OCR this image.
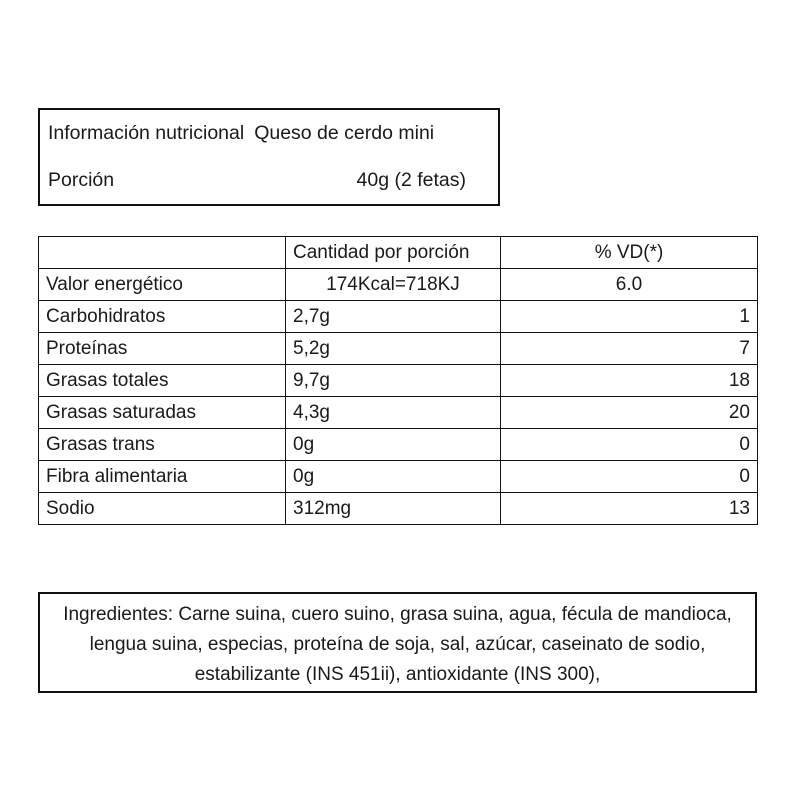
Información nutricional Queso de cerdo mini
Porción	40g (2 fetas)
	Cantidad por porción	% VD(*)
Valor energético	174Kcal=718KJ	6.0
Carbohidratos	2,7g	1
Proteínas	5,2g	7
Grasas totales	9,7g	18
Grasas saturadas	4,3g	20
Grasas trans	0g	0
Fibra alimentaria	0g	0
Sodio	312mg	13

Ingredientes: Carne suina, cuero suino, grasa suina, agua, fécula de mandioca, lengua suina, especias, proteína de soja, sal, azúcar, caseinato de sodio, estabilizante (INS 451ii), antioxidante (INS 300),
